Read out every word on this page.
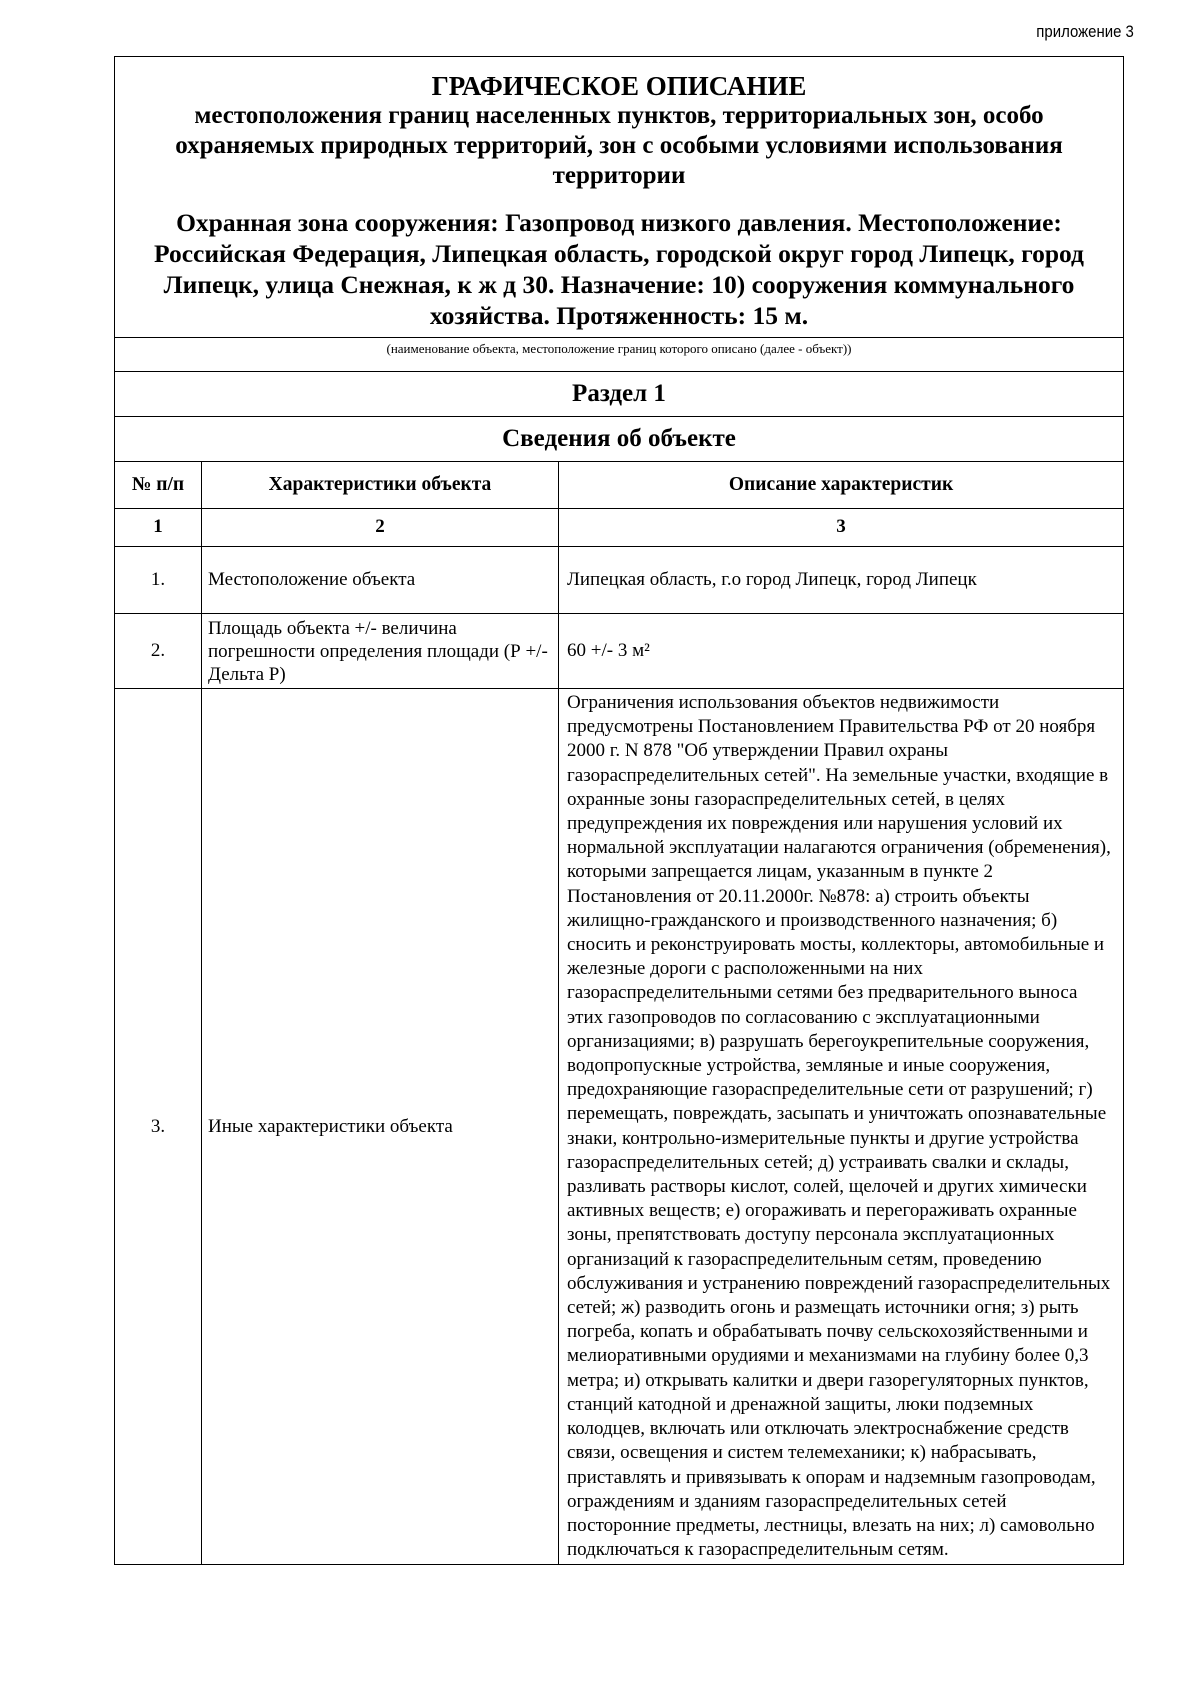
приложение 3
ГРАФИЧЕСКОЕ ОПИСАНИЕ
местоположения границ населенных пунктов, территориальных зон, особо охраняемых природных территорий, зон с особыми условиями использования территории
Охранная зона сооружения: Газопровод низкого давления. Местоположение: Российская Федерация, Липецкая область, городской округ город Липецк, город Липецк, улица Снежная, к ж д 30. Назначение: 10) сооружения коммунального хозяйства. Протяженность: 15 м.
(наименование объекта, местоположение границ которого описано (далее - объект))
Раздел 1
Сведения об объекте
№ п/п	Характеристики объекта	Описание характеристик
1	2	3
1.	Местоположение объекта	Липецкая область, г.о город Липецк, город Липецк
2.	Площадь объекта +/- величина погрешности определения площади (Р +/- Дельта Р)	60 +/- 3 м²
3.	Иные характеристики объекта	Ограничения использования объектов недвижимости предусмотрены Постановлением Правительства РФ от 20 ноября 2000 г. N 878 "Об утверждении Правил охраны газораспределительных сетей". На земельные участки, входящие в охранные зоны газораспределительных сетей, в целях предупреждения их повреждения или нарушения условий их нормальной эксплуатации налагаются ограничения (обременения), которыми запрещается лицам, указанным в пункте 2 Постановления от 20.11.2000г. №878: а) строить объекты жилищно-гражданского и производственного назначения; б) сносить и реконструировать мосты, коллекторы, автомобильные и железные дороги с расположенными на них газораспределительными сетями без предварительного выноса этих газопроводов по согласованию с эксплуатационными организациями; в) разрушать берегоукрепительные сооружения, водопропускные устройства, земляные и иные сооружения, предохраняющие газораспределительные сети от разрушений; г) перемещать, повреждать, засыпать и уничтожать опознавательные знаки, контрольно-измерительные пункты и другие устройства газораспределительных сетей; д) устраивать свалки и склады, разливать растворы кислот, солей, щелочей и других химически активных веществ; е) огораживать и перегораживать охранные зоны, препятствовать доступу персонала эксплуатационных организаций к газораспределительным сетям, проведению обслуживания и устранению повреждений газораспределительных сетей; ж) разводить огонь и размещать источники огня; з) рыть погреба, копать и обрабатывать почву сельскохозяйственными и мелиоративными орудиями и механизмами на глубину более 0,3 метра; и) открывать калитки и двери газорегуляторных пунктов, станций катодной и дренажной защиты, люки подземных колодцев, включать или отключать электроснабжение средств связи, освещения и систем телемеханики; к) набрасывать, приставлять и привязывать к опорам и надземным газопроводам, ограждениям и зданиям газораспределительных сетей посторонние предметы, лестницы, влезать на них; л) самовольно подключаться к газораспределительным сетям.
